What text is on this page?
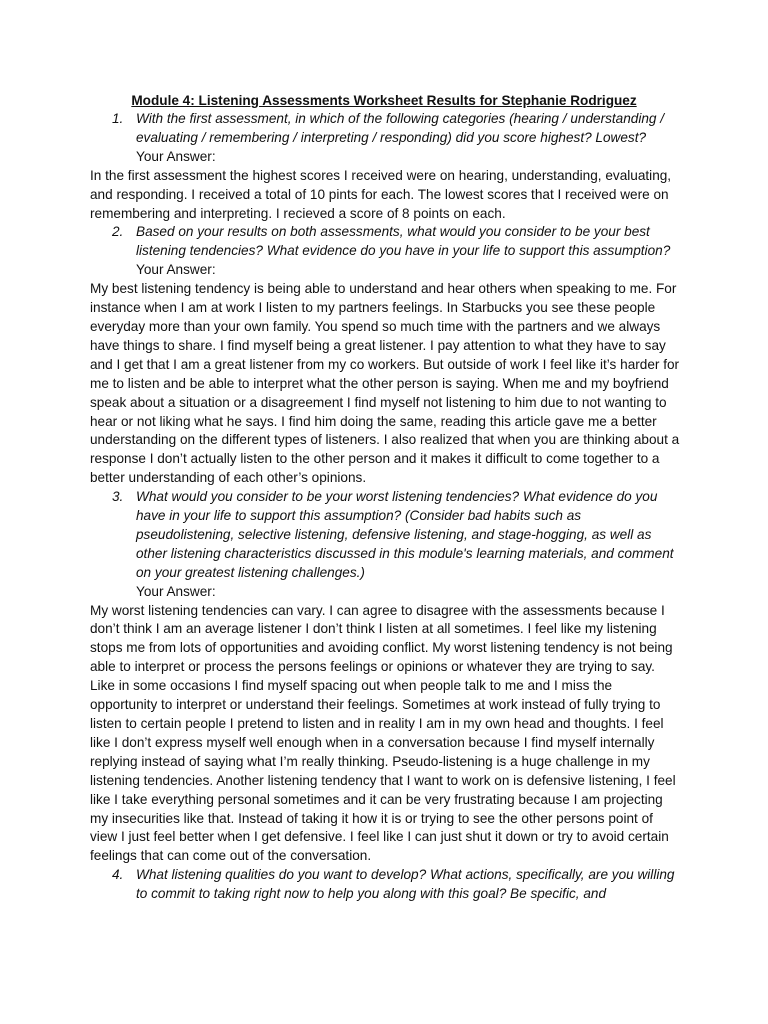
Module 4: Listening Assessments Worksheet Results for Stephanie Rodriguez
1. With the first assessment, in which of the following categories (hearing / understanding / evaluating / remembering / interpreting / responding) did you score highest? Lowest?
Your Answer:

In the first assessment the highest scores I received were on hearing, understanding, evaluating, and responding. I received a total of 10 pints for each. The lowest scores that I received were on remembering and interpreting. I recieved a score of 8 points on each.

2. Based on your results on both assessments, what would you consider to be your best listening tendencies? What evidence do you have in your life to support this assumption?
Your Answer:

My best listening tendency is being able to understand and hear others when speaking to me. For instance when I am at work I listen to my partners feelings. In Starbucks you see these people everyday more than your own family. You spend so much time with the partners and we always have things to share. I find myself being a great listener. I pay attention to what they have to say and I get that I am a great listener from my co workers. But outside of work I feel like it’s harder for me to listen and be able to interpret what the other person is saying. When me and my boyfriend speak about a situation or a disagreement I find myself not listening to him due to not wanting to hear or not liking what he says. I find him doing the same, reading this article gave me a better understanding on the different types of listeners. I also realized that when you are thinking about a response I don’t actually listen to the other person and it makes it difficult to come together to a better understanding of each other’s opinions.

3. What would you consider to be your worst listening tendencies? What evidence do you have in your life to support this assumption? (Consider bad habits such as pseudolistening, selective listening, defensive listening, and stage-hogging, as well as other listening characteristics discussed in this module's learning materials, and comment on your greatest listening challenges.)
Your Answer:

My worst listening tendencies can vary. I can agree to disagree with the assessments because I don’t think I am an average listener I don’t think I listen at all sometimes. I feel like my listening stops me from lots of opportunities and avoiding conflict. My worst listening tendency is not being able to interpret or process the persons feelings or opinions or whatever they are trying to say. Like in some occasions I find myself spacing out when people talk to me and I miss the opportunity to interpret or understand their feelings. Sometimes at work instead of fully trying to listen to certain people I pretend to listen and in reality I am in my own head and thoughts. I feel like I don’t express myself well enough when in a conversation because I find myself internally replying instead of saying what I’m really thinking. Pseudo-listening is a huge challenge in my listening tendencies. Another listening tendency that I want to work on is defensive listening, I feel like I take everything personal sometimes and it can be very frustrating because I am projecting my insecurities like that. Instead of taking it how it is or trying to see the other persons point of view I just feel better when I get defensive. I feel like I can just shut it down or try to avoid certain feelings that can come out of the conversation.

4. What listening qualities do you want to develop? What actions, specifically, are you willing to commit to taking right now to help you along with this goal? Be specific, and
